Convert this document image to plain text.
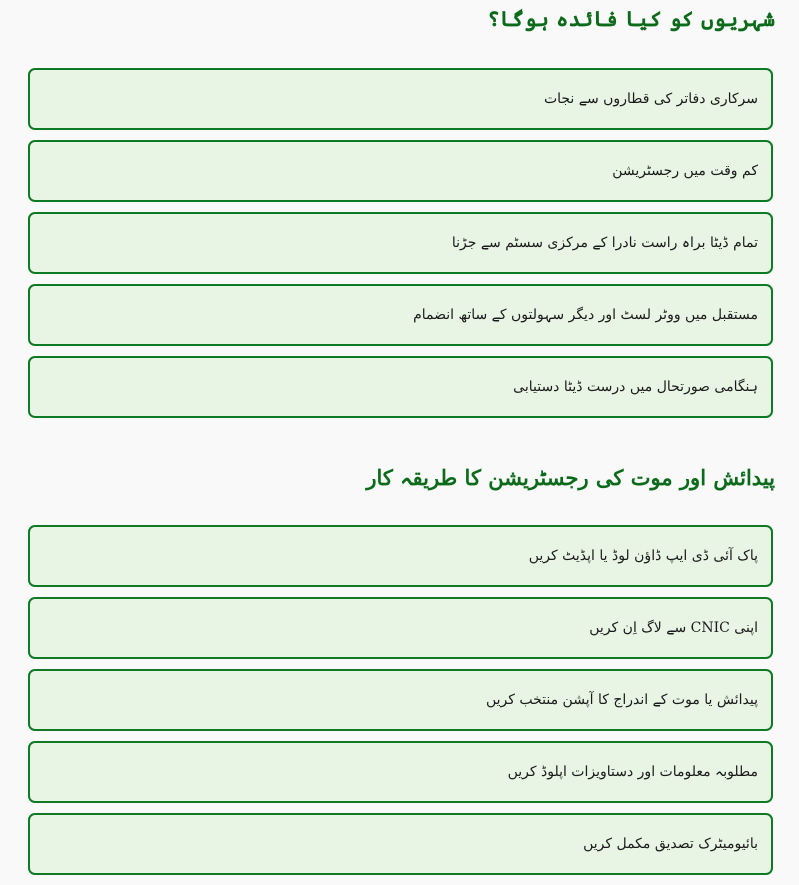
شہریوں کو کیا فائدہ ہوگا؟
سرکاری دفاتر کی قطاروں سے نجات
کم وقت میں رجسٹریشن
تمام ڈیٹا براہ راست نادرا کے مرکزی سسٹم سے جڑنا
مستقبل میں ووٹر لسٹ اور دیگر سہولتوں کے ساتھ انضمام
ہنگامی صورتحال میں درست ڈیٹا دستیابی
پیدائش اور موت کی رجسٹریشن کا طریقہ کار
پاک آئی ڈی ایپ ڈاؤن لوڈ یا اپڈیٹ کریں
اپنی CNIC سے لاگ اِن کریں
پیدائش یا موت کے اندراج کا آپشن منتخب کریں
مطلوبہ معلومات اور دستاویزات اپلوڈ کریں
بائیومیٹرک تصدیق مکمل کریں
